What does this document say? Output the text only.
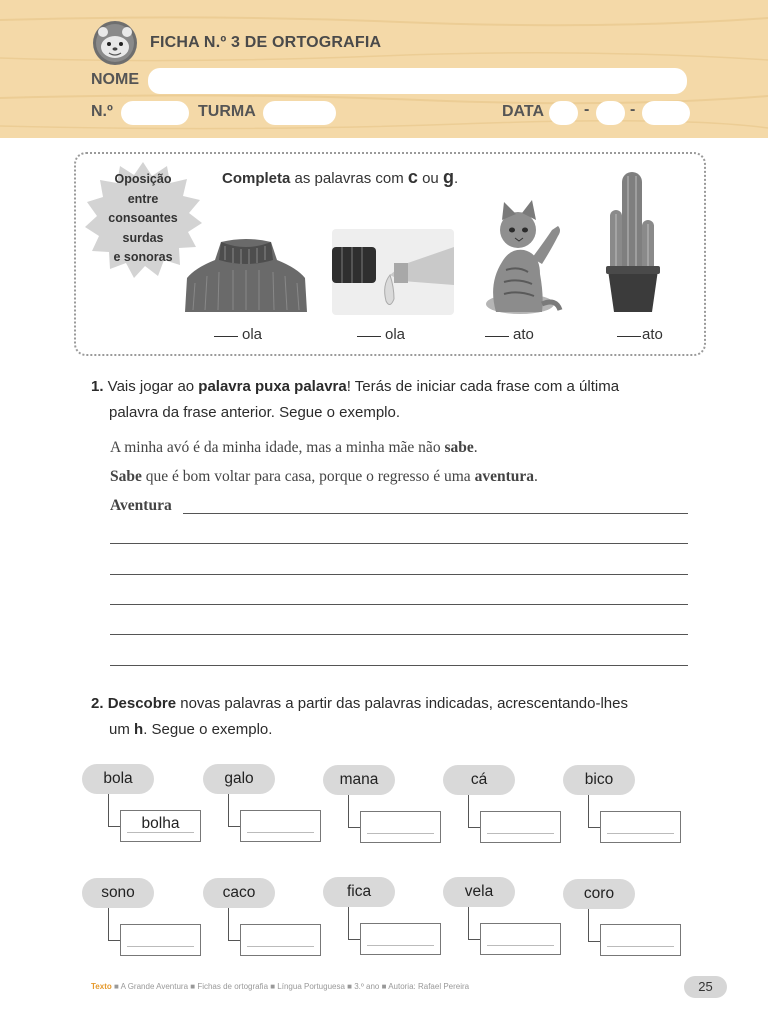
FICHA N.º 3 DE ORTOGRAFIA
NOME
N.º	TURMA	DATA -	-
Oposição
entre
consoantes
surdas
e sonoras
Completa as palavras com c ou g.
ola	ola	ato	ato
1. Vais jogar ao palavra puxa palavra! Terás de iniciar cada frase com a última
palavra da frase anterior. Segue o exemplo.
A minha avó é da minha idade, mas a minha mãe não sabe.
Sabe que é bom voltar para casa, porque o regresso é uma aventura.
Aventura
2. Descobre novas palavras a partir das palavras indicadas, acrescentando-lhes
um h. Segue o exemplo.
bola	galo	mana	cá	bico
bolha
sono	caco	fica	vela	coro
Texto ■ A Grande Aventura ■ Fichas de ortografia ■ Língua Portuguesa ■ 3.º ano ■ Autoria: Rafael Pereira	25
